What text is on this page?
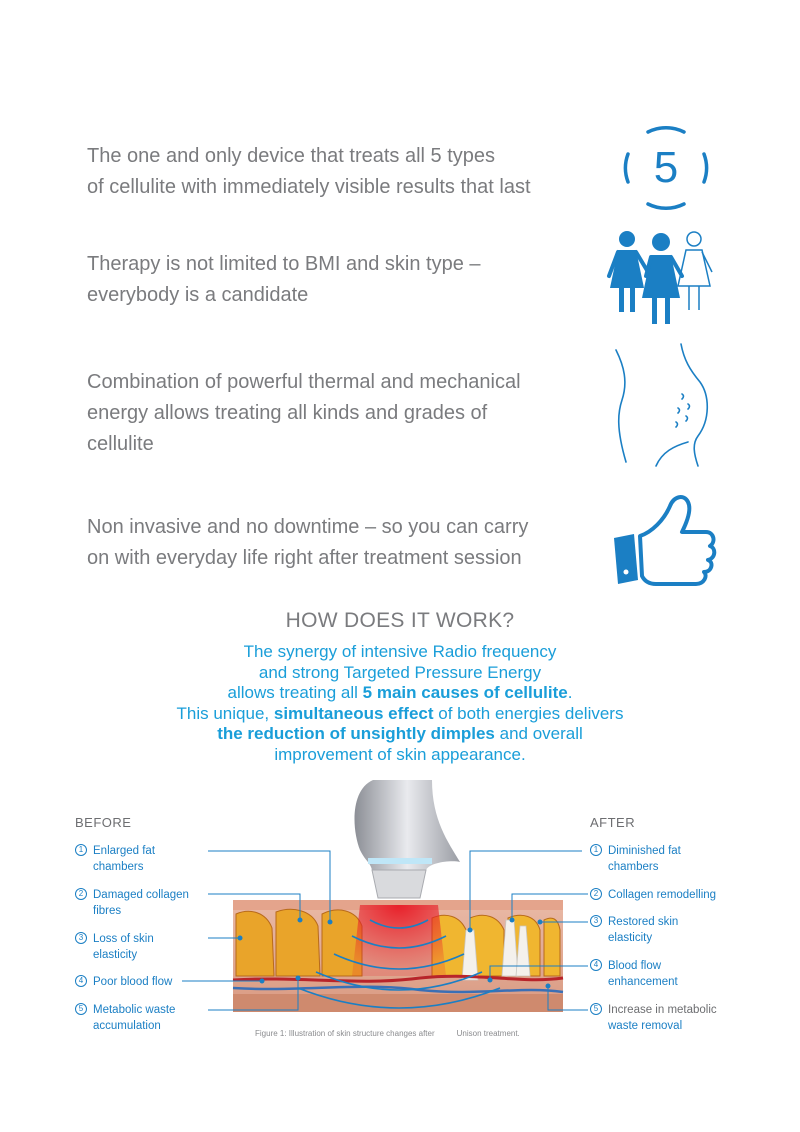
The one and only device that treats all 5 types
of cellulite with immediately visible results that last
Therapy is not limited to BMI and skin type –
everybody is a candidate
Combination of powerful thermal and mechanical
energy allows treating all kinds and grades of
cellulite
Non invasive and no downtime – so you can carry
on with everyday life right after treatment session
5
HOW DOES IT WORK?
The synergy of intensive Radio frequency
and strong Targeted Pressure Energy
allows treating all 5 main causes of cellulite.
This unique, simultaneous effect of both energies delivers
the reduction of unsightly dimples and overall
improvement of skin appearance.
BEFORE
1 Enlarged fat
chambers
2 Damaged collagen
fibres
3 Loss of skin
elasticity
4 Poor blood flow
5 Metabolic waste
accumulation
AFTER
1 Diminished fat
chambers
2 Collagen remodelling
3 Restored skin
elasticity
4 Blood flow
enhancement
5 Increase in metabolic
waste removal
Figure 1: Illustration of skin structure changes after	Unison treatment.
